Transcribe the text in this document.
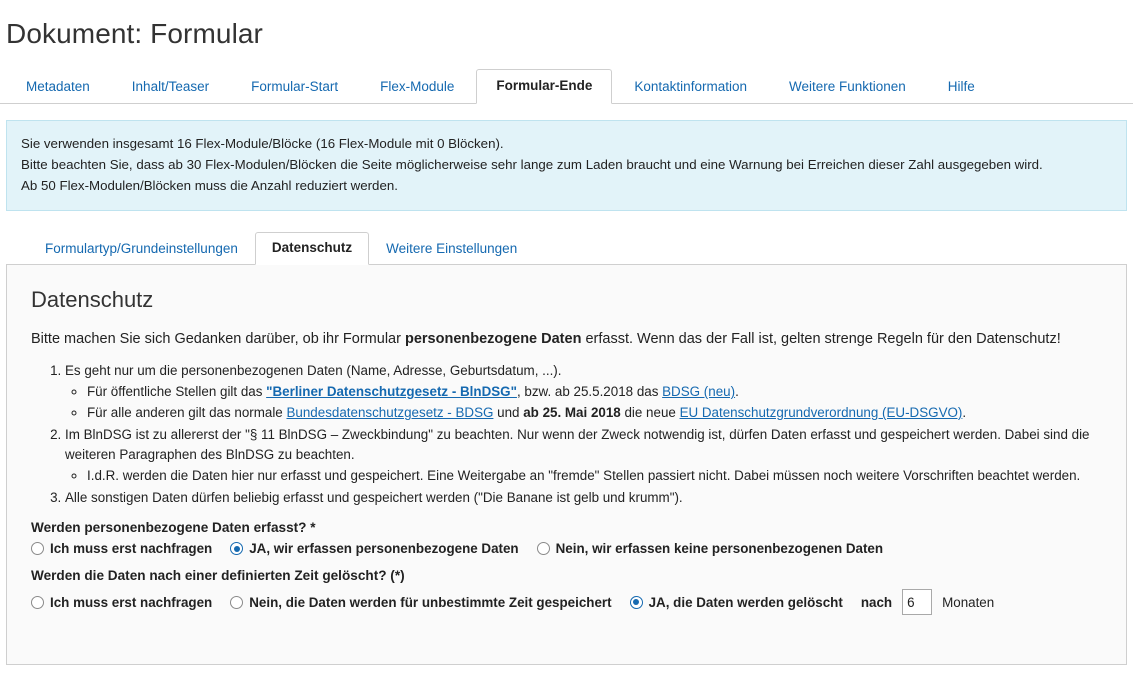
Dokument: Formular
Metadaten	Inhalt/Teaser	Formular-Start	Flex-Module	Formular-Ende	Kontaktinformation	Weitere Funktionen	Hilfe
Sie verwenden insgesamt 16 Flex-Module/Blöcke (16 Flex-Module mit 0 Blöcken).
Bitte beachten Sie, dass ab 30 Flex-Modulen/Blöcken die Seite möglicherweise sehr lange zum Laden braucht und eine Warnung bei Erreichen dieser Zahl ausgegeben wird.
Ab 50 Flex-Modulen/Blöcken muss die Anzahl reduziert werden.
Formulartyp/Grundeinstellungen	Datenschutz	Weitere Einstellungen
Datenschutz

Bitte machen Sie sich Gedanken darüber, ob ihr Formular personenbezogene Daten erfasst. Wenn das der Fall ist, gelten strenge Regeln für den Datenschutz!

1. Es geht nur um die personenbezogenen Daten (Name, Adresse, Geburtsdatum, ...).
◦ Für öffentliche Stellen gilt das "Berliner Datenschutzgesetz - BlnDSG", bzw. ab 25.5.2018 das BDSG (neu).
◦ Für alle anderen gilt das normale Bundesdatenschutzgesetz - BDSG und ab 25. Mai 2018 die neue EU Datenschutzgrundverordnung (EU-DSGVO).
2. Im BlnDSG ist zu allererst der "§ 11 BlnDSG – Zweckbindung" zu beachten. Nur wenn der Zweck notwendig ist, dürfen Daten erfasst und gespeichert werden. Dabei sind die weiteren Paragraphen des BlnDSG zu beachten.
◦ I.d.R. werden die Daten hier nur erfasst und gespeichert. Eine Weitergabe an "fremde" Stellen passiert nicht. Dabei müssen noch weitere Vorschriften beachtet werden.
3. Alle sonstigen Daten dürfen beliebig erfasst und gespeichert werden ("Die Banane ist gelb und krumm").
Werden personenbezogene Daten erfasst? *
Ich muss erst nachfragen	JA, wir erfassen personenbezogene Daten	Nein, wir erfassen keine personenbezogenen Daten
Werden die Daten nach einer definierten Zeit gelöscht? (*)
Ich muss erst nachfragen	Nein, die Daten werden für unbestimmte Zeit gespeichert	JA, die Daten werden gelöscht nach
6	Monaten
